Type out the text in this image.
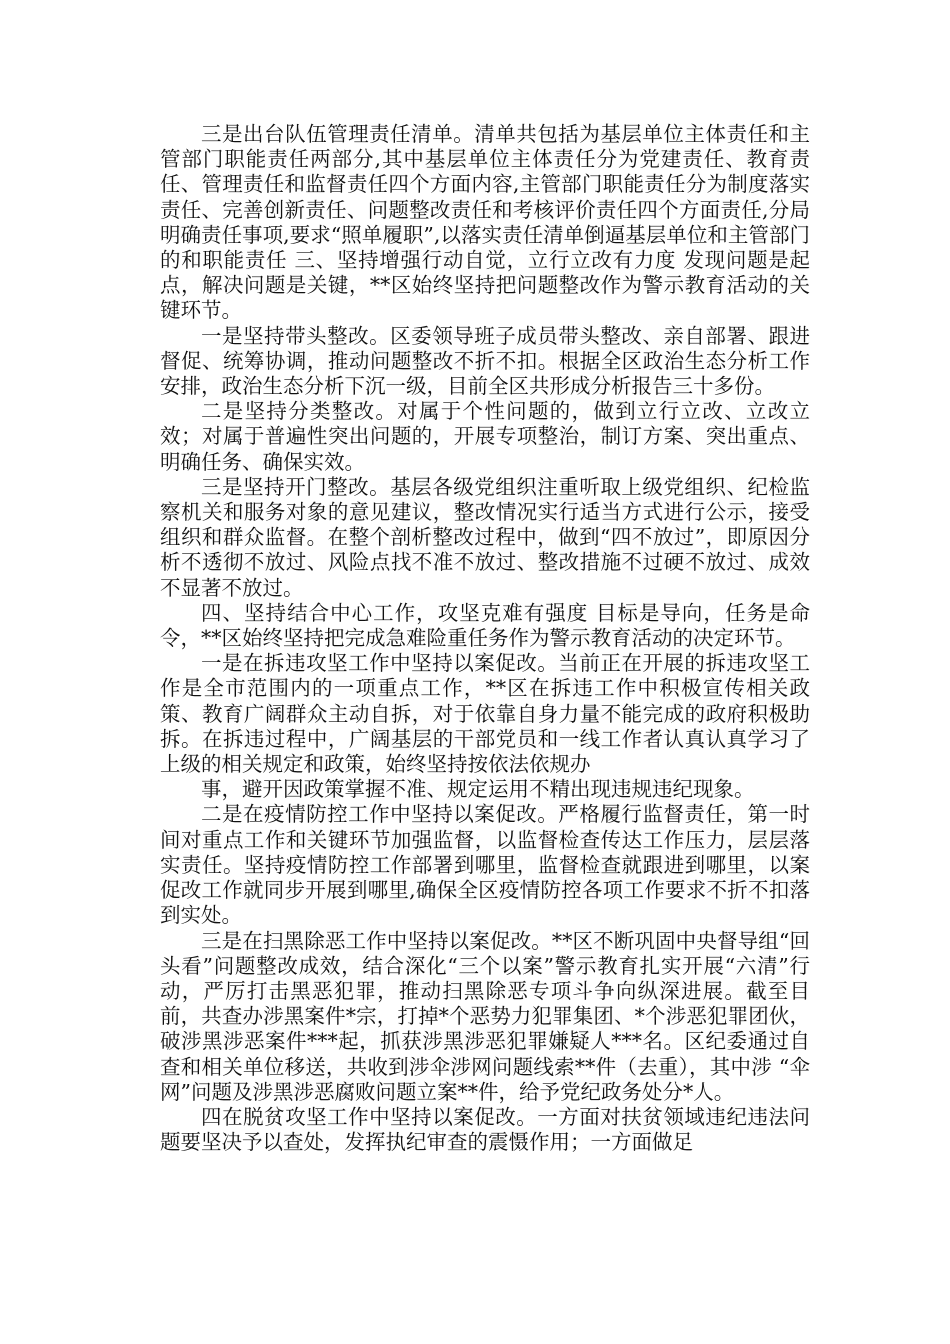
三是出台队伍管理责任清单。清单共包括为基层单位主体责任和主管部门职能责任两部分,其中基层单位主体责任分为党建责任、教育责任、管理责任和监督责任四个方面内容,主管部门职能责任分为制度落实责任、完善创新责任、问题整改责任和考核评价责任四个方面责任,分局明确责任事项,要求“照单履职”,以落实责任清单倒逼基层单位和主管部门的和职能责任 三、坚持增强行动自觉，立行立改有力度 发现问题是起点，解决问题是关键，**区始终坚持把问题整改作为警示教育活动的关键环节。

一是坚持带头整改。区委领导班子成员带头整改、亲自部署、跟进督促、统筹协调，推动问题整改不折不扣。根据全区政治生态分析工作安排，政治生态分析下沉一级，目前全区共形成分析报告三十多份。

二是坚持分类整改。对属于个性问题的，做到立行立改、立改立效；对属于普遍性突出问题的，开展专项整治，制订方案、突出重点、明确任务、确保实效。

三是坚持开门整改。基层各级党组织注重听取上级党组织、纪检监察机关和服务对象的意见建议，整改情况实行适当方式进行公示，接受组织和群众监督。在整个剖析整改过程中，做到“四不放过”，即原因分析不透彻不放过、风险点找不准不放过、整改措施不过硬不放过、成效不显著不放过。

四、坚持结合中心工作，攻坚克难有强度 目标是导向，任务是命令，**区始终坚持把完成急难险重任务作为警示教育活动的决定环节。

一是在拆违攻坚工作中坚持以案促改。当前正在开展的拆违攻坚工作是全市范围内的一项重点工作，**区在拆违工作中积极宣传相关政策、教育广阔群众主动自拆，对于依靠自身力量不能完成的政府积极助拆。在拆违过程中，广阔基层的干部党员和一线工作者认真认真学习了上级的相关规定和政策，始终坚持按依法依规办

事，避开因政策掌握不准、规定运用不精出现违规违纪现象。

二是在疫情防控工作中坚持以案促改。严格履行监督责任，第一时间对重点工作和关键环节加强监督，以监督检查传达工作压力，层层落实责任。坚持疫情防控工作部署到哪里，监督检查就跟进到哪里，以案促改工作就同步开展到哪里,确保全区疫情防控各项工作要求不折不扣落到实处。

三是在扫黑除恶工作中坚持以案促改。**区不断巩固中央督导组“回头看”问题整改成效，结合深化“三个以案”警示教育扎实开展“六清”行动，严厉打击黑恶犯罪，推动扫黑除恶专项斗争向纵深进展。截至目前，共查办涉黑案件*宗，打掉*个恶势力犯罪集团、*个涉恶犯罪团伙，破涉黑涉恶案件***起，抓获涉黑涉恶犯罪嫌疑人***名。区纪委通过自查和相关单位移送，共收到涉伞涉网问题线索**件（去重），其中涉 “伞网”问题及涉黑涉恶腐败问题立案**件，给予党纪政务处分*人。

四在脱贫攻坚工作中坚持以案促改。一方面对扶贫领域违纪违法问题要坚决予以查处，发挥执纪审查的震慑作用；一方面做足
